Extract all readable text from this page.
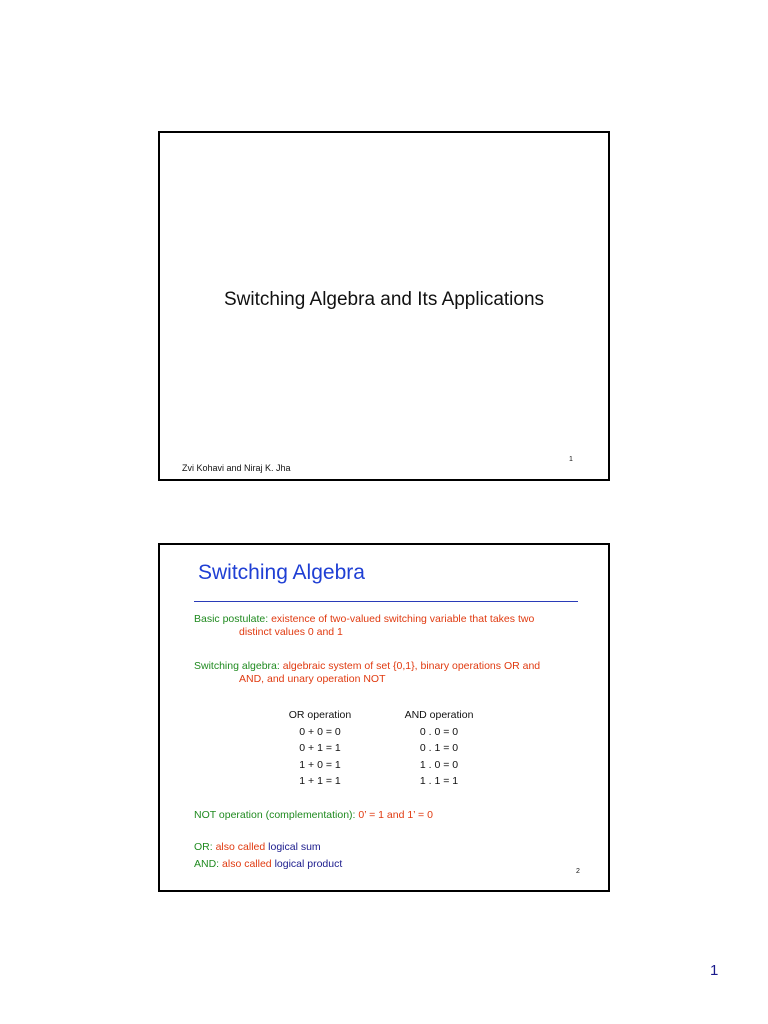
Switching Algebra and Its Applications
Zvi Kohavi and Niraj K. Jha
1
Switching Algebra
Basic postulate: existence of two-valued switching variable that takes two
distinct values 0 and 1
Switching algebra: algebraic system of set {0,1}, binary operations OR and
AND, and unary operation NOT
OR operation
0 + 0 = 0
0 + 1 = 1
1 + 0 = 1
1 + 1 = 1
AND operation
0 . 0 = 0
0 . 1 = 0
1 . 0 = 0
1 . 1 = 1
NOT operation (complementation): 0’ = 1 and 1’ = 0
OR: also called logical sum
AND: also called logical product
2
1
